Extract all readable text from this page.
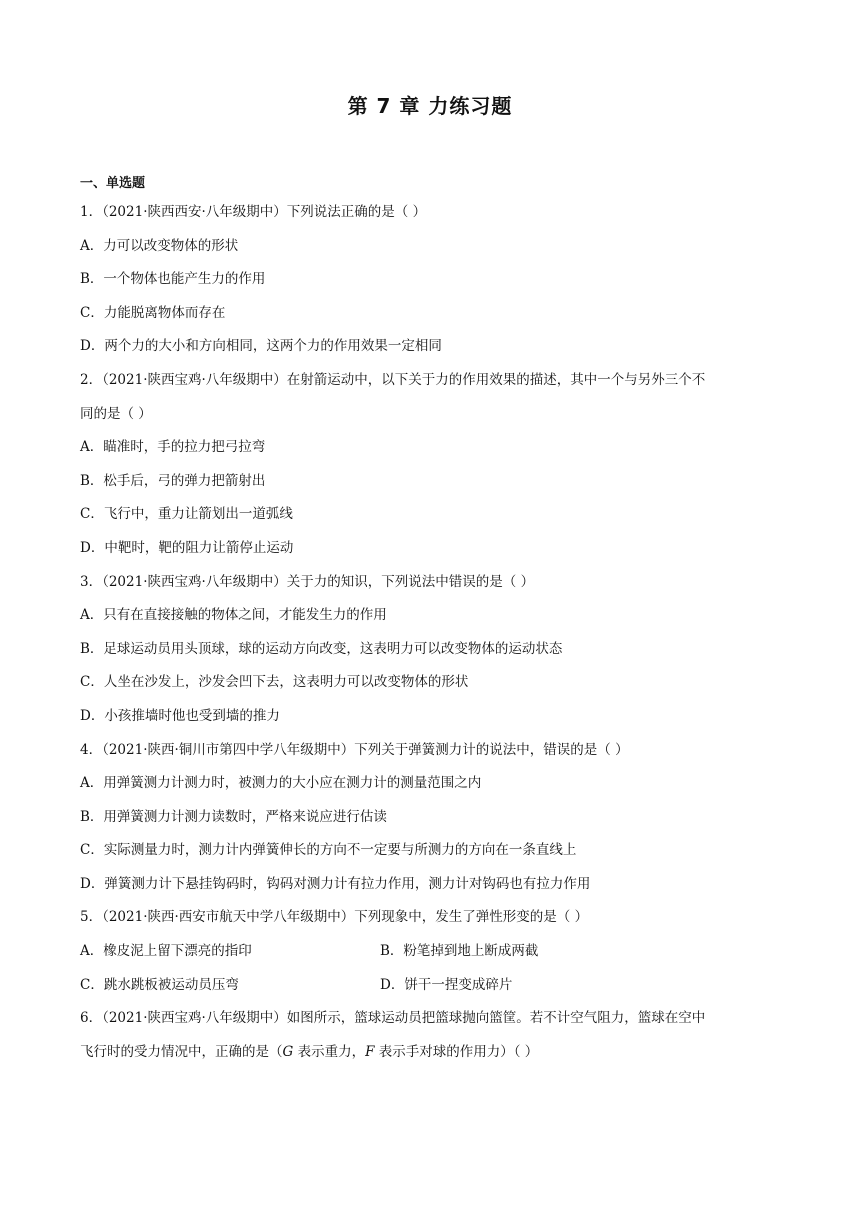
第 7 章 力练习题
一、单选题
1．（2021·陕西西安·八年级期中）下列说法正确的是（ ）
A．力可以改变物体的形状
B．一个物体也能产生力的作用
C．力能脱离物体而存在
D．两个力的大小和方向相同，这两个力的作用效果一定相同
2．（2021·陕西宝鸡·八年级期中）在射箭运动中，以下关于力的作用效果的描述，其中一个与另外三个不
同的是（ ）
A．瞄准时，手的拉力把弓拉弯
B．松手后，弓的弹力把箭射出
C．飞行中，重力让箭划出一道弧线
D．中靶时，靶的阻力让箭停止运动
3．（2021·陕西宝鸡·八年级期中）关于力的知识，下列说法中错误的是（ ）
A．只有在直接接触的物体之间，才能发生力的作用
B．足球运动员用头顶球，球的运动方向改变，这表明力可以改变物体的运动状态
C．人坐在沙发上，沙发会凹下去，这表明力可以改变物体的形状
D．小孩推墙时他也受到墙的推力
4．（2021·陕西·铜川市第四中学八年级期中）下列关于弹簧测力计的说法中，错误的是（ ）
A．用弹簧测力计测力时，被测力的大小应在测力计的测量范围之内
B．用弹簧测力计测力读数时，严格来说应进行估读
C．实际测量力时，测力计内弹簧伸长的方向不一定要与所测力的方向在一条直线上
D．弹簧测力计下悬挂钩码时，钩码对测力计有拉力作用，测力计对钩码也有拉力作用
5．（2021·陕西·西安市航天中学八年级期中）下列现象中，发生了弹性形变的是（ ）
A．橡皮泥上留下漂亮的指印	B．粉笔掉到地上断成两截
C．跳水跳板被运动员压弯	D．饼干一捏变成碎片
6．（2021·陕西宝鸡·八年级期中）如图所示，篮球运动员把篮球抛向篮筐。若不计空气阻力，篮球在空中
飞行时的受力情况中，正确的是（G 表示重力，F 表示手对球的作用力）（ ）
